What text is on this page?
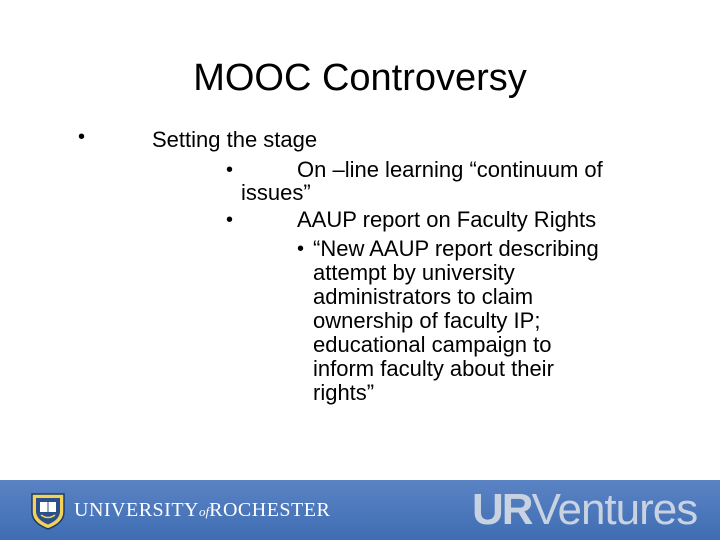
MOOC Controversy
•	Setting the stage
•	On –line learning “continuum of
issues”
•	AAUP report on Faculty Rights
• “New AAUP report describing
attempt by university
administrators to claim
ownership of faculty IP;
educational campaign to
inform faculty about their
rights”
UNIVERSITYofROCHESTER	URVentures
